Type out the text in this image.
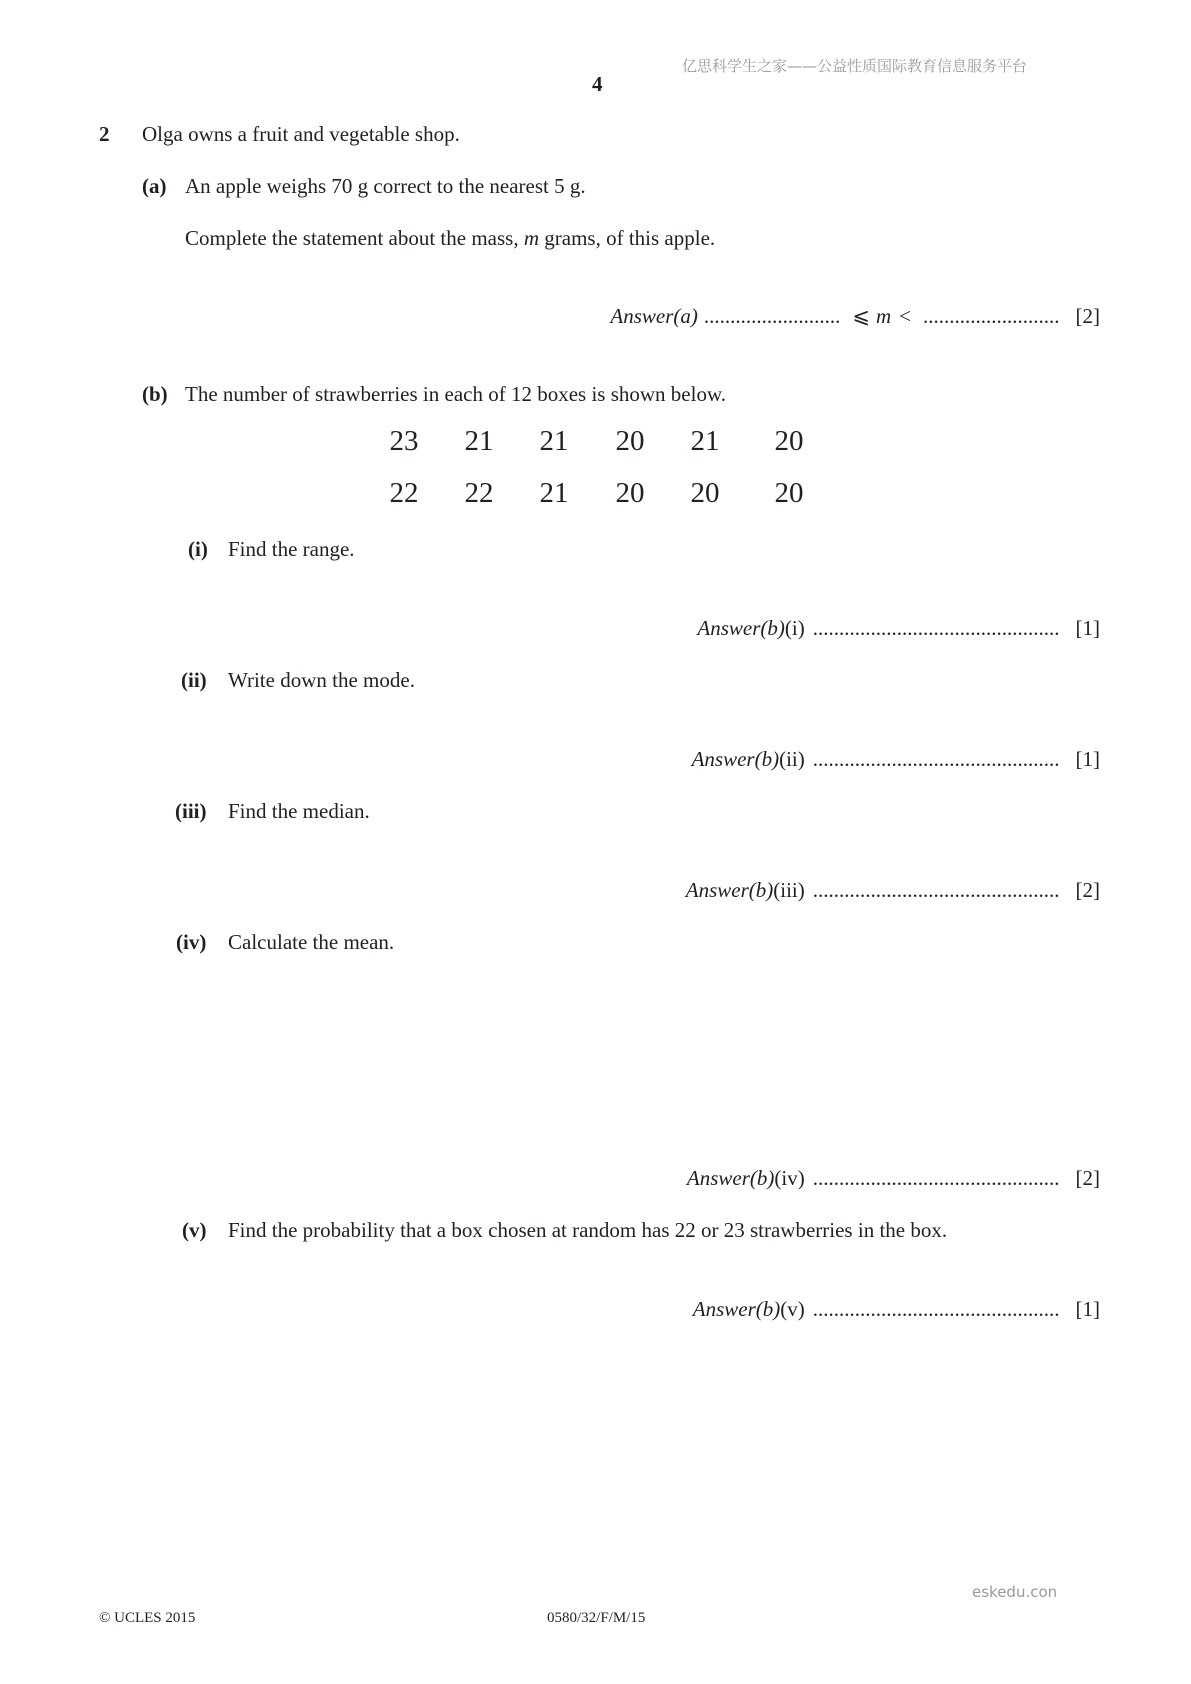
亿思科学生之家——公益性质国际教育信息服务平台
4
2 Olga owns a fruit and vegetable shop.
(a) An apple weighs 70 g correct to the nearest 5 g.
Complete the statement about the mass, m grams, of this apple.
Answer(a) .......................... ⩽ m < .......................... [2]
(b) The number of strawberries in each of 12 boxes is shown below.
23	21	21	20	21	20
22	22	21	20	20	20
(i) Find the range.
Answer(b) (i) ............................................... [1]
(ii) Write down the mode.
Answer(b) (ii) ............................................... [1]
(iii) Find the median.
Answer(b) (iii) ............................................... [2]
(iv) Calculate the mean.
Answer(b) (iv) ............................................... [2]
(v) Find the probability that a box chosen at random has 22 or 23 strawberries in the box.
Answer(b) (v) ............................................... [1]
eskedu.con
© UCLES 2015	0580/32/F/M/15
